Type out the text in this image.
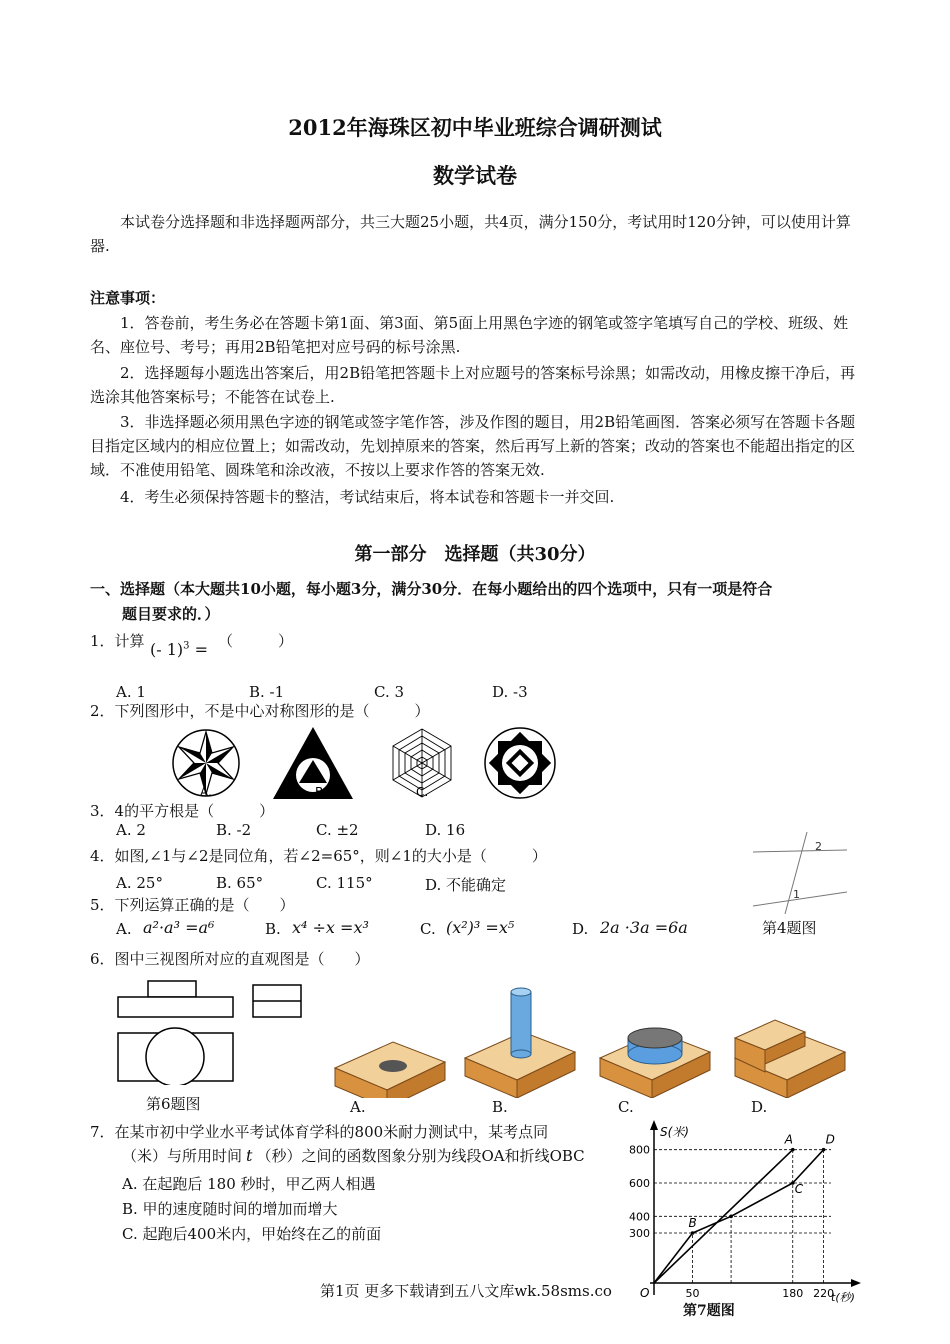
2012年海珠区初中毕业班综合调研测试
数学试卷
本试卷分选择题和非选择题两部分，共三大题25小题，共4页，满分150分，考试用时120分钟，可以使用计算器.
注意事项：
1．答卷前，考生务必在答题卡第1面、第3面、第5面上用黑色字迹的钢笔或签字笔填写自己的学校、班级、姓名、座位号、考号；再用2B铅笔把对应号码的标号涂黑.
2．选择题每小题选出答案后，用2B铅笔把答题卡上对应题号的答案标号涂黑；如需改动，用橡皮擦干净后，再选涂其他答案标号；不能答在试卷上.
3．非选择题必须用黑色字迹的钢笔或签字笔作答，涉及作图的题目，用2B铅笔画图．答案必须写在答题卡各题目指定区域内的相应位置上；如需改动，先划掉原来的答案，然后再写上新的答案；改动的答案也不能超出指定的区域．不准使用铅笔、圆珠笔和涂改液，不按以上要求作答的答案无效.
4．考生必须保持答题卡的整洁，考试结束后，将本试卷和答题卡一并交回.
第一部分　选择题（共30分）
一、选择题（本大题共10小题，每小题3分，满分30分．在每小题给出的四个选项中，只有一项是符合
题目要求的．）
1．计算 (- 1)$^3$ = （　　　）
A. 1	B. -1	C. 3	D. -3
2．下列图形中，不是中心对称图形的是（　　　）
A.	B.	C.
3．4的平方根是（　　　）
A. 2	B. -2	C. ±2	D. 16
4．如图,∠1与∠2是同位角，若∠2=65°，则∠1的大小是（　　　）
A. 25°	B. 65°	C. 115°	D. 不能确定
2
1
第4题图
5．下列运算正确的是（　　）
A. a²·a³ =a⁶	B. x⁴ ÷x =x³	C. (x²)³ =x⁵	D. 2a ·3a =6a
6．图中三视图所对应的直观图是（　　）
第6题图	A.	B.	C.	D.
7．在某市初中学业水平考试体育学科的800米耐力测试中，某考点同
（米）与所用时间 t （秒）之间的函数图象分别为线段OA和折线OBC
A. 在起跑后 180 秒时，甲乙两人相遇
B. 甲的速度随时间的增加而增大
C. 起跑后400米内，甲始终在乙的前面
S(米)
t(秒)
300
400
600
800
50	180 220
O
A
B
C
D
第7题图
第1页 更多下载请到五八文库wk.58sms.co
